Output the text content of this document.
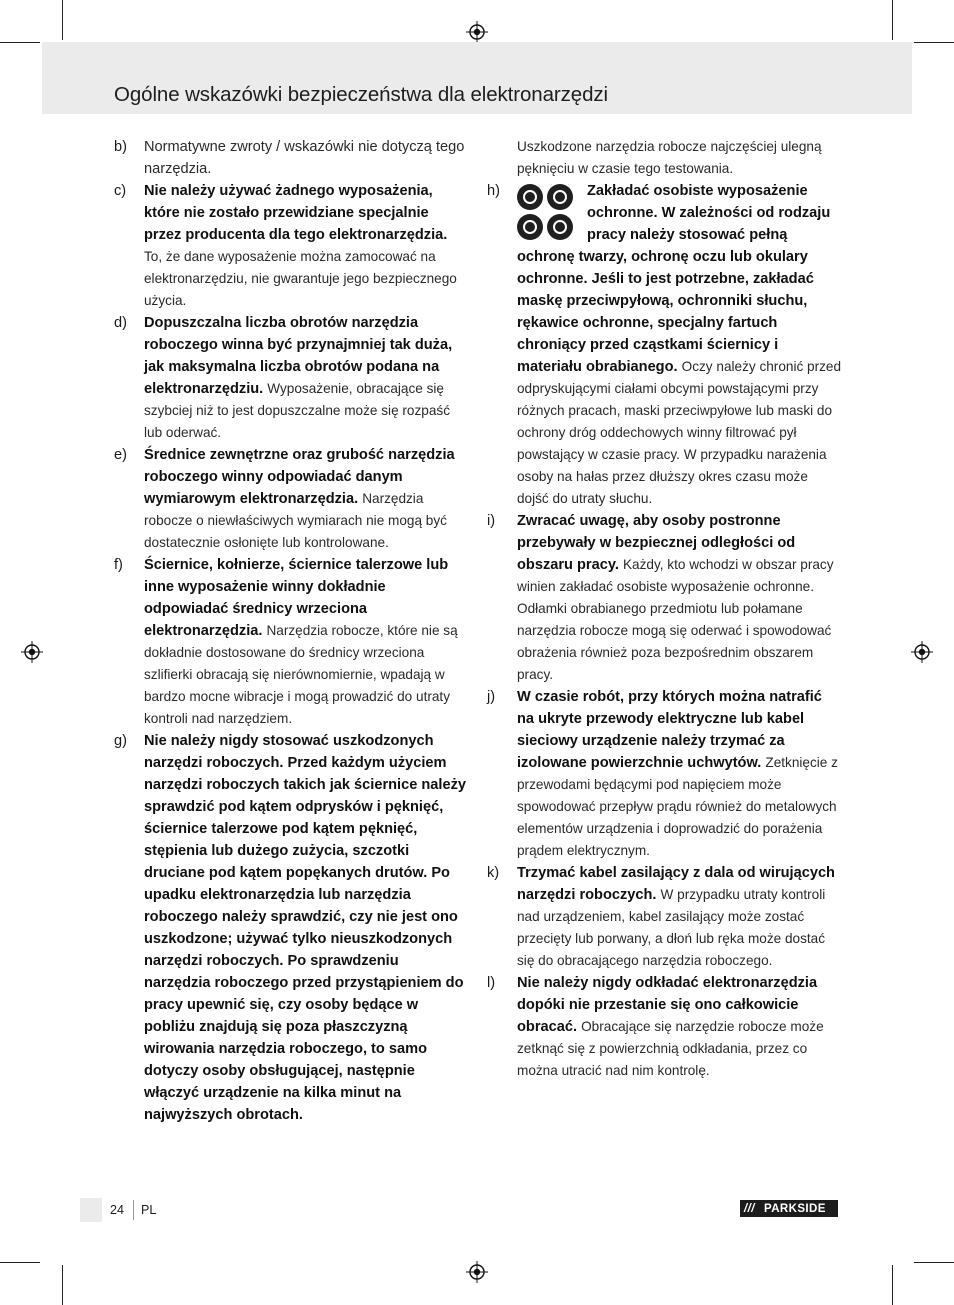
Ogólne wskazówki bezpieczeństwa dla elektronarzędzi

b) Normatywne zwroty / wskazówki nie dotyczą tego narzędzia.

c) Nie należy używać żadnego wyposażenia, które nie zostało przewidziane specjalnie przez producenta dla tego elektronarzędzia. To, że dane wyposażenie można zamocować na elektronarzędziu, nie gwarantuje jego bezpiecznego użycia.

d) Dopuszczalna liczba obrotów narzędzia roboczego winna być przynajmniej tak duża, jak maksymalna liczba obrotów podana na elektronarzędziu. Wyposażenie, obracające się szybciej niż to jest dopuszczalne może się rozpaść lub oderwać.

e) Średnice zewnętrzne oraz grubość narzędzia roboczego winny odpowiadać danym wymiarowym elektronarzędzia. Narzędzia robocze o niewłaściwych wymiarach nie mogą być dostatecznie osłonięte lub kontrolowane.

f) Ściernice, kołnierze, ściernice talerzowe lub inne wyposażenie winny dokładnie odpowiadać średnicy wrzeciona elektronarzędzia. Narzędzia robocze, które nie są dokładnie dostosowane do średnicy wrzeciona szlifierki obracają się nierównomiernie, wpadają w bardzo mocne wibracje i mogą prowadzić do utraty kontroli nad narzędziem.

g) Nie należy nigdy stosować uszkodzonych narzędzi roboczych. Przed każdym użyciem narzędzi roboczych takich jak ściernice należy sprawdzić pod kątem odprysków i pęknięć, ściernice talerzowe pod kątem pęknięć, stępienia lub dużego zużycia, szczotki druciane pod kątem popękanych drutów. Po upadku elektronarzędzia lub narzędzia roboczego należy sprawdzić, czy nie jest ono uszkodzone; używać tylko nieuszkodzonych narzędzi roboczych. Po sprawdzeniu narzędzia roboczego przed przystąpieniem do pracy upewnić się, czy osoby będące w pobliżu znajdują się poza płaszczyzną wirowania narzędzia roboczego, to samo dotyczy osoby obsługującej, następnie włączyć urządzenie na kilka minut na najwyższych obrotach.

Uszkodzone narzędzia robocze najczęściej ulegną pęknięciu w czasie tego testowania.

h)	Zakładać osobiste wyposażenie ochronne. W zależności od rodzaju pracy należy stosować pełną ochronę twarzy, ochronę oczu lub okulary ochronne. Jeśli to jest potrzebne, zakładać maskę przeciwpyłową, ochronniki słuchu, rękawice ochronne, specjalny fartuch chroniący przed cząstkami ściernicy i materiału obrabianego. Oczy należy chronić przed odpryskującymi ciałami obcymi powstającymi przy różnych pracach, maski przeciwpyłowe lub maski do ochrony dróg oddechowych winny filtrować pył powstający w czasie pracy. W przypadku narażenia osoby na hałas przez dłuższy okres czasu może dojść do utraty słuchu.

i) Zwracać uwagę, aby osoby postronne przebywały w bezpiecznej odległości od obszaru pracy. Każdy, kto wchodzi w obszar pracy winien zakładać osobiste wyposażenie ochronne. Odłamki obrabianego przedmiotu lub połamane narzędzia robocze mogą się oderwać i spowodować obrażenia również poza bezpośrednim obszarem pracy.

j) W czasie robót, przy których można natrafić na ukryte przewody elektryczne lub kabel sieciowy urządzenie należy trzymać za izolowane powierzchnie uchwytów. Zetknięcie z przewodami będącymi pod napięciem może spowodować przepływ prądu również do metalowych elementów urządzenia i doprowadzić do porażenia prądem elektrycznym.

k) Trzymać kabel zasilający z dala od wirujących narzędzi roboczych. W przypadku utraty kontroli nad urządzeniem, kabel zasilający może zostać przecięty lub porwany, a dłoń lub ręka może dostać się do obracającego narzędzia roboczego.

l) Nie należy nigdy odkładać elektronarzędzia dopóki nie przestanie się ono całkowicie obracać. Obracające się narzędzie robocze może zetknąć się z powierzchnią odkładania, przez co można utracić nad nim kontrolę.

24 PL	/// PARKSIDE
